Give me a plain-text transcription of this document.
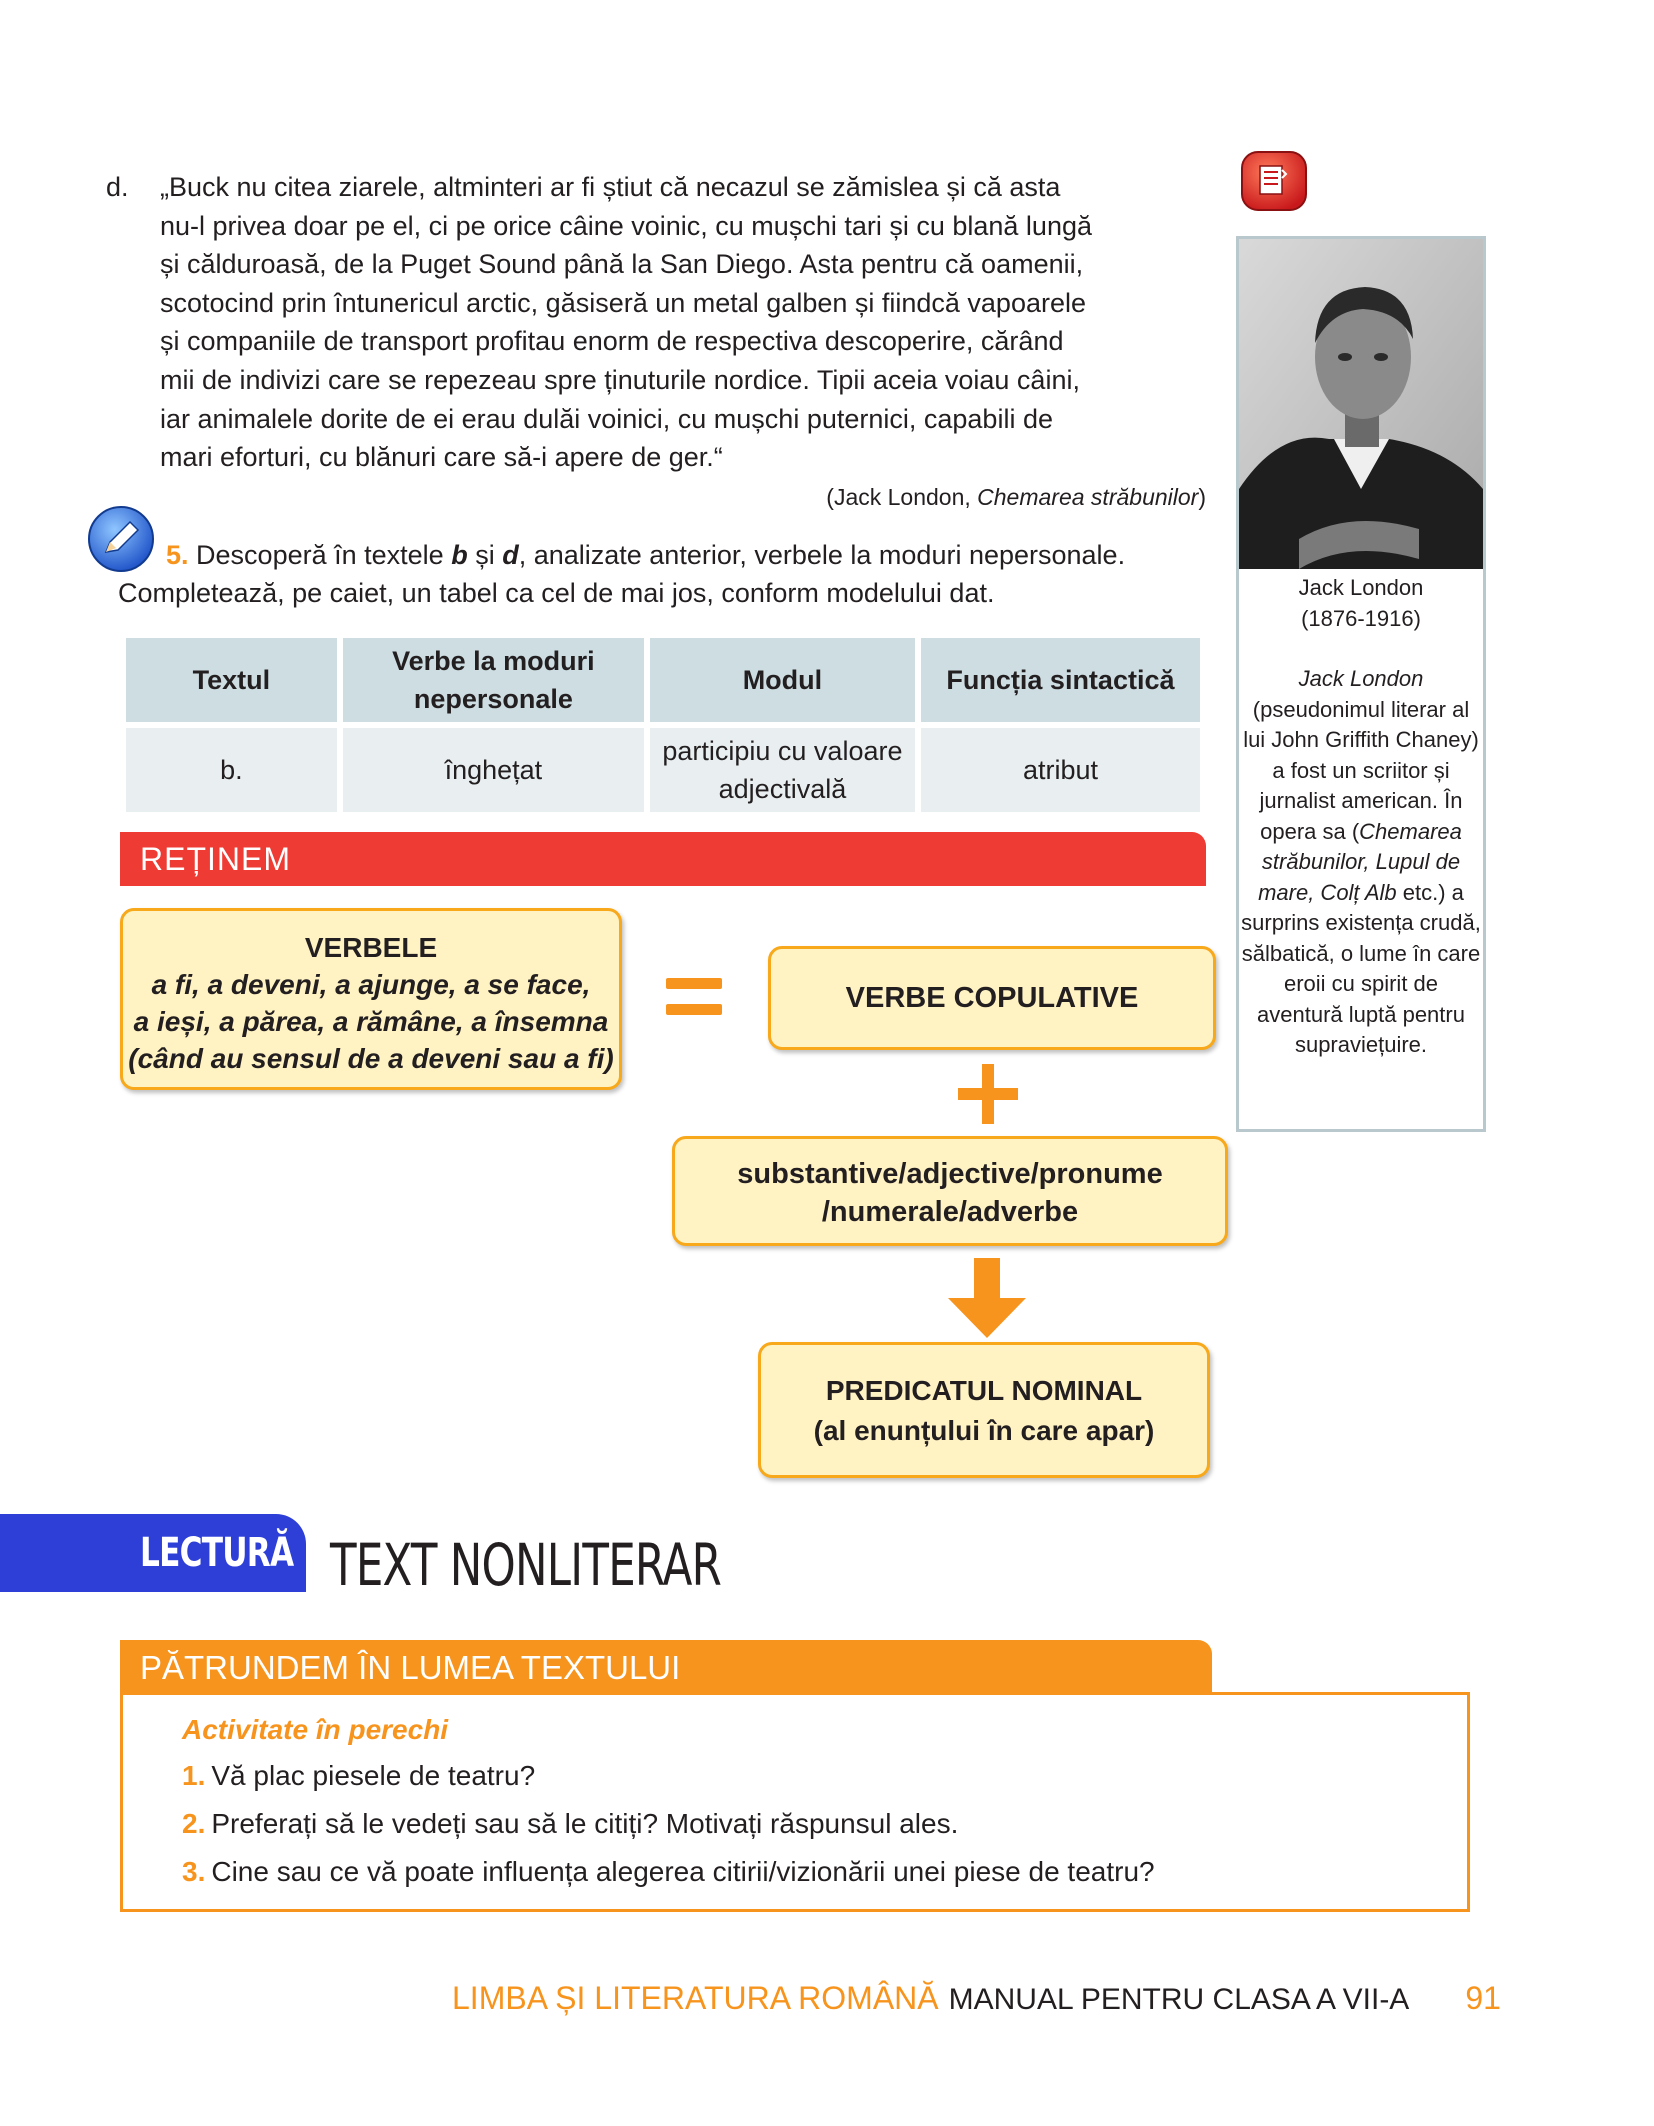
d. „Buck nu citea ziarele, altminteri ar fi știut că necazul se zămislea și că asta
nu-l privea doar pe el, ci pe orice câine voinic, cu mușchi tari și cu blană lungă
și călduroasă, de la Puget Sound până la San Diego. Asta pentru că oamenii,
scotocind prin întunericul arctic, găsiseră un metal galben și fiindcă vapoarele
și companiile de transport profitau enorm de respectiva descoperire, cărând
mii de indivizi care se repezeau spre ținuturile nordice. Tipii aceia voiau câini,
iar animalele dorite de ei erau dulăi voinici, cu mușchi puternici, capabili de
mari eforturi, cu blănuri care să-i apere de ger.“
(Jack London, Chemarea străbunilor)
5. Descoperă în textele b și d, analizate anterior, verbele la moduri nepersonale.
Completează, pe caiet, un tabel ca cel de mai jos, conform modelului dat.
Textul	Verbe la moduri nepersonale	Modul	Funcția sintactică
b.	înghețat	participiu cu valoare adjectivală	atribut
REȚINEM
VERBELE
a fi, a deveni, a ajunge, a se face,
a ieși, a părea, a rămâne, a însemna
(când au sensul de a deveni sau a fi)
VERBE COPULATIVE
substantive/adjective/pronume
/numerale/adverbe
PREDICATUL NOMINAL
(al enunțului în care apar)
LECTURĂ TEXT NONLITERAR
PĂTRUNDEM ÎN LUMEA TEXTULUI
Activitate în perechi
1. Vă plac piesele de teatru?
2. Preferați să le vedeți sau să le citiți? Motivați răspunsul ales.
3. Cine sau ce vă poate influența alegerea citirii/vizionării unei piese de teatru?
Jack London
(1876-1916)
Jack London (pseudonimul literar al lui John Griffith Chaney) a fost un scriitor și jurnalist american. În opera sa (Chemarea străbunilor, Lupul de mare, Colț Alb etc.) a surprins existența crudă, sălbatică, o lume în care eroii cu spirit de aventură luptă pentru supraviețuire.
LIMBA ȘI LITERATURA ROMÂNĂ MANUAL PENTRU CLASA A VII-A 91
